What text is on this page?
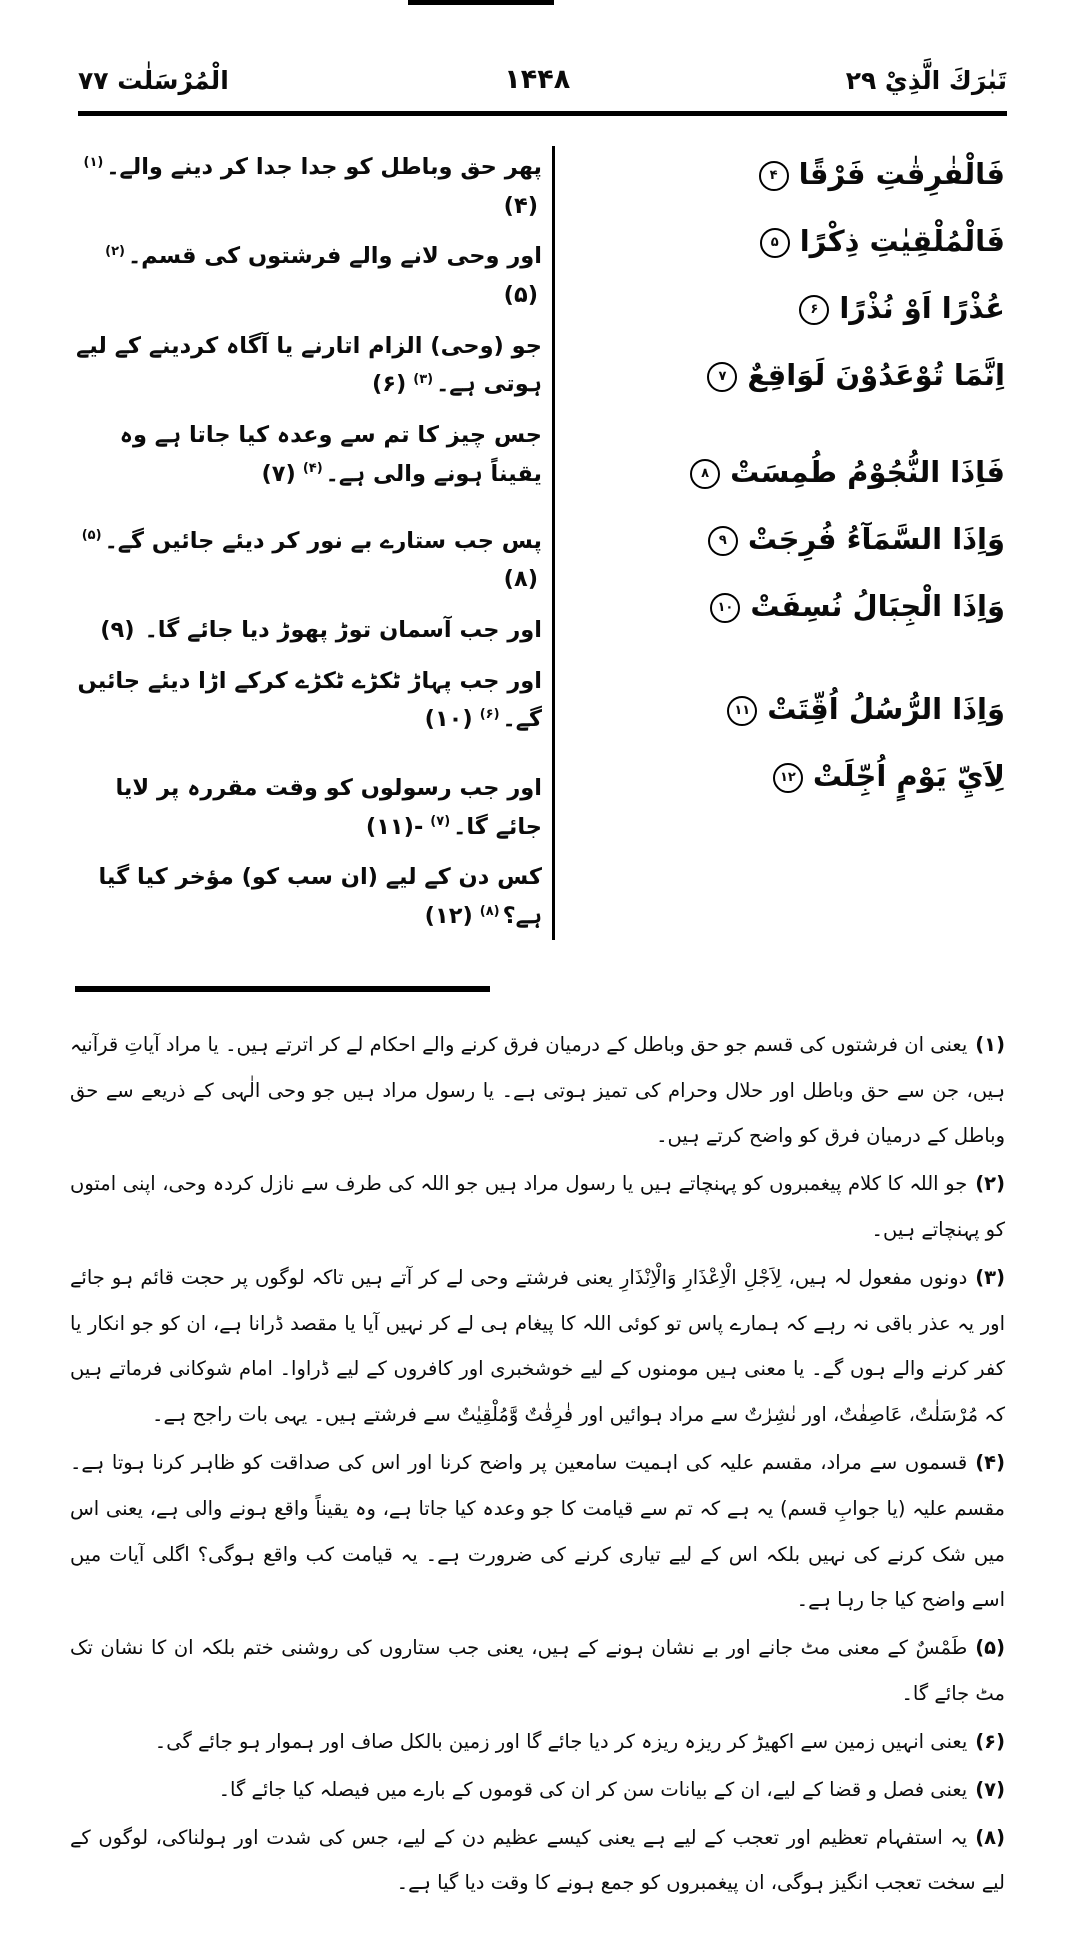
الْمُرْسَلٰت ۷۷	۱۴۴۸	تَبٰرَكَ الَّذِيْ ۲۹

پھر حق وباطل کو جدا جدا کر دینے والے۔$^{(۱)}$(۴)

اور وحی لانے والے فرشتوں کی قسم۔$^{(۲)}$(۵)

جو (وحی) الزام اتارنے یا آگاہ کردینے کے لیے ہوتی ہے۔$^{(۳)}$(۶)

جس چیز کا تم سے وعدہ کیا جاتا ہے وہ یقیناً ہونے والی ہے۔$^{(۴)}$(۷)

پس جب ستارے بے نور کر دیئے جائیں گے۔$^{(۵)}$(۸)

اور جب آسمان توڑ پھوڑ دیا جائے گا۔(۹)

اور جب پہاڑ ٹکڑے ٹکڑے کرکے اڑا دیئے جائیں گے۔$^{(۶)}$(۱۰)

اور جب رسولوں کو وقت مقررہ پر لایا جائے گا۔$^{(۷)}$-(۱۱)

کس دن کے لیے (ان سب کو) مؤخر کیا گیا ہے؟$^{(۸)}$(۱۲)

فَالْفٰرِقٰتِ فَرْقًا۴

فَالْمُلْقِيٰتِ ذِكْرًا۵

عُذْرًا اَوْ نُذْرًا۶

اِنَّمَا تُوْعَدُوْنَ لَوَاقِعٌ۷

فَاِذَا النُّجُوْمُ طُمِسَتْ۸

وَاِذَا السَّمَآءُ فُرِجَتْ۹

وَاِذَا الْجِبَالُ نُسِفَتْ۱۰

وَاِذَا الرُّسُلُ اُقِّتَتْ۱۱

لِاَيِّ يَوْمٍ اُجِّلَتْ۱۲

(۱)یعنی ان فرشتوں کی قسم جو حق وباطل کے درمیان فرق کرنے والے احکام لے کر اترتے ہیں۔ یا مراد آیاتِ قرآنیہ ہیں، جن سے حق وباطل اور حلال وحرام کی تمیز ہوتی ہے۔ یا رسول مراد ہیں جو وحی الٰہی کے ذریعے سے حق وباطل کے درمیان فرق کو واضح کرتے ہیں۔

(۲)جو اللہ کا کلام پیغمبروں کو پہنچاتے ہیں یا رسول مراد ہیں جو اللہ کی طرف سے نازل کردہ وحی، اپنی امتوں کو پہنچاتے ہیں۔

(۳)دونوں مفعول لہ ہیں، لِاَجْلِ الْاِعْذَارِ وَالْاِنْذَارِ یعنی فرشتے وحی لے کر آتے ہیں تاکہ لوگوں پر حجت قائم ہو جائے اور یہ عذر باقی نہ رہے کہ ہمارے پاس تو کوئی اللہ کا پیغام ہی لے کر نہیں آیا یا مقصد ڈرانا ہے، ان کو جو انکار یا کفر کرنے والے ہوں گے۔ یا معنی ہیں مومنوں کے لیے خوشخبری اور کافروں کے لیے ڈراوا۔ امام شوکانی فرماتے ہیں کہ مُرْسَلٰتٌ، عَاصِفٰتٌ، اور نٰشِرٰتٌ سے مراد ہوائیں اور فٰرِقٰتٌ وَّمُلْقِیٰتٌ سے فرشتے ہیں۔ یہی بات راجح ہے۔

(۴)قسموں سے مراد، مقسم علیہ کی اہمیت سامعین پر واضح کرنا اور اس کی صداقت کو ظاہر کرنا ہوتا ہے۔ مقسم علیہ (یا جوابِ قسم) یہ ہے کہ تم سے قیامت کا جو وعدہ کیا جاتا ہے، وہ یقیناً واقع ہونے والی ہے، یعنی اس میں شک کرنے کی نہیں بلکہ اس کے لیے تیاری کرنے کی ضرورت ہے۔ یہ قیامت کب واقع ہوگی؟ اگلی آیات میں اسے واضح کیا جا رہا ہے۔

(۵)طَمْسٌ کے معنی مٹ جانے اور بے نشان ہونے کے ہیں، یعنی جب ستاروں کی روشنی ختم بلکہ ان کا نشان تک مٹ جائے گا۔

(۶)یعنی انہیں زمین سے اکھیڑ کر ریزہ ریزہ کر دیا جائے گا اور زمین بالکل صاف اور ہموار ہو جائے گی۔

(۷)یعنی فصل و قضا کے لیے، ان کے بیانات سن کر ان کی قوموں کے بارے میں فیصلہ کیا جائے گا۔

(۸)یہ استفہام تعظیم اور تعجب کے لیے ہے یعنی کیسے عظیم دن کے لیے، جس کی شدت اور ہولناکی، لوگوں کے لیے سخت تعجب انگیز ہوگی، ان پیغمبروں کو جمع ہونے کا وقت دیا گیا ہے۔
